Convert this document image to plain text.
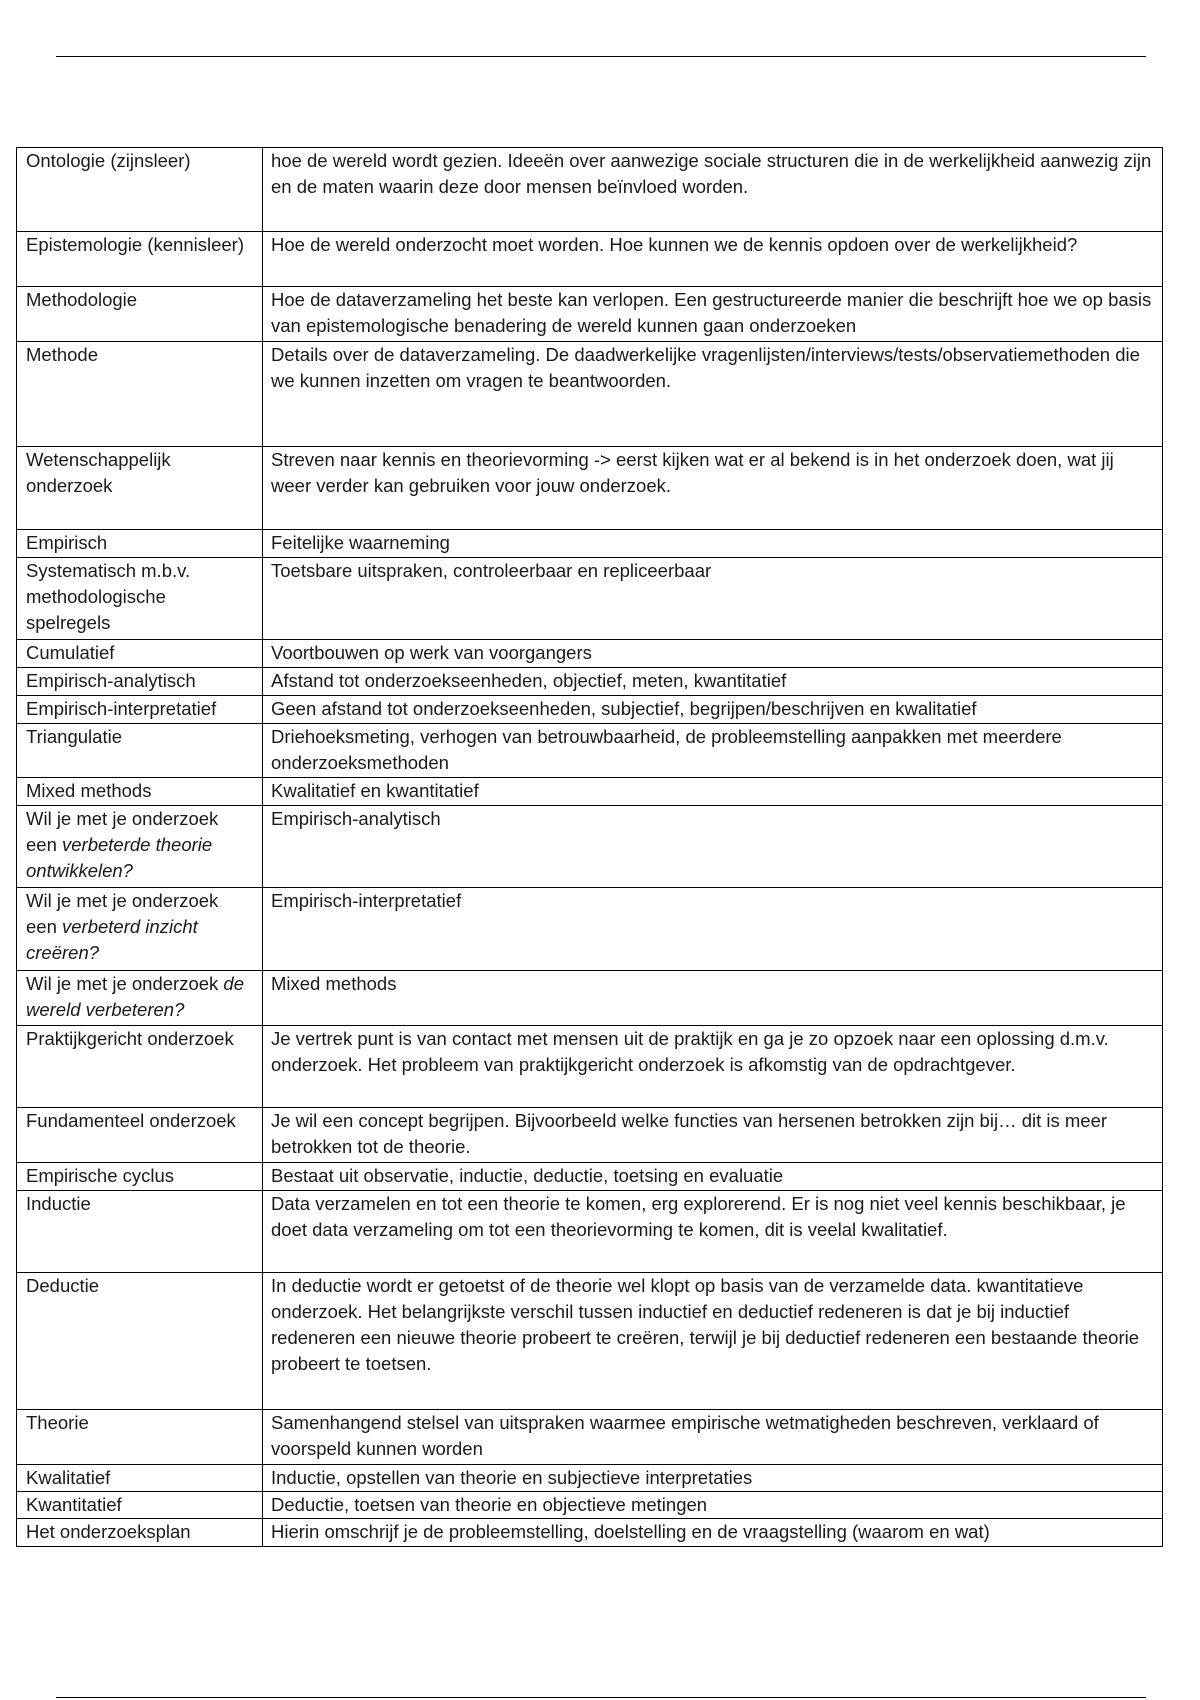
Ontologie (zijnsleer)	hoe de wereld wordt gezien. Ideeën over aanwezige sociale structuren die in de werkelijkheid aanwezig zijn en de maten waarin deze door mensen beïnvloed worden.
Epistemologie (kennisleer)	Hoe de wereld onderzocht moet worden. Hoe kunnen we de kennis opdoen over de werkelijkheid?
Methodologie	Hoe de dataverzameling het beste kan verlopen. Een gestructureerde manier die beschrijft hoe we op basis van epistemologische benadering de wereld kunnen gaan onderzoeken
Methode	Details over de dataverzameling. De daadwerkelijke vragenlijsten/interviews/tests/observatiemethoden die we kunnen inzetten om vragen te beantwoorden.
Wetenschappelijk onderzoek	Streven naar kennis en theorievorming -> eerst kijken wat er al bekend is in het onderzoek doen, wat jij weer verder kan gebruiken voor jouw onderzoek.
Empirisch	Feitelijke waarneming
Systematisch m.b.v. methodologische spelregels	Toetsbare uitspraken, controleerbaar en repliceerbaar
Cumulatief	Voortbouwen op werk van voorgangers
Empirisch-analytisch	Afstand tot onderzoekseenheden, objectief, meten, kwantitatief
Empirisch-interpretatief	Geen afstand tot onderzoekseenheden, subjectief, begrijpen/beschrijven en kwalitatief
Triangulatie	Driehoeksmeting, verhogen van betrouwbaarheid, de probleemstelling aanpakken met meerdere onderzoeksmethoden
Mixed methods	Kwalitatief en kwantitatief
Wil je met je onderzoek een verbeterde theorie ontwikkelen?	Empirisch-analytisch
Wil je met je onderzoek een verbeterd inzicht creëren?	Empirisch-interpretatief
Wil je met je onderzoek de wereld verbeteren?	Mixed methods
Praktijkgericht onderzoek	Je vertrek punt is van contact met mensen uit de praktijk en ga je zo opzoek naar een oplossing d.m.v. onderzoek. Het probleem van praktijkgericht onderzoek is afkomstig van de opdrachtgever.
Fundamenteel onderzoek	Je wil een concept begrijpen. Bijvoorbeeld welke functies van hersenen betrokken zijn bij… dit is meer betrokken tot de theorie.
Empirische cyclus	Bestaat uit observatie, inductie, deductie, toetsing en evaluatie
Inductie	Data verzamelen en tot een theorie te komen, erg explorerend. Er is nog niet veel kennis beschikbaar, je doet data verzameling om tot een theorievorming te komen, dit is veelal kwalitatief.
Deductie	In deductie wordt er getoetst of de theorie wel klopt op basis van de verzamelde data. kwantitatieve onderzoek. Het belangrijkste verschil tussen inductief en deductief redeneren is dat je bij inductief redeneren een nieuwe theorie probeert te creëren, terwijl je bij deductief redeneren een bestaande theorie probeert te toetsen.
Theorie	Samenhangend stelsel van uitspraken waarmee empirische wetmatigheden beschreven, verklaard of voorspeld kunnen worden
Kwalitatief	Inductie, opstellen van theorie en subjectieve interpretaties
Kwantitatief	Deductie, toetsen van theorie en objectieve metingen
Het onderzoeksplan	Hierin omschrijf je de probleemstelling, doelstelling en de vraagstelling (waarom en wat)
